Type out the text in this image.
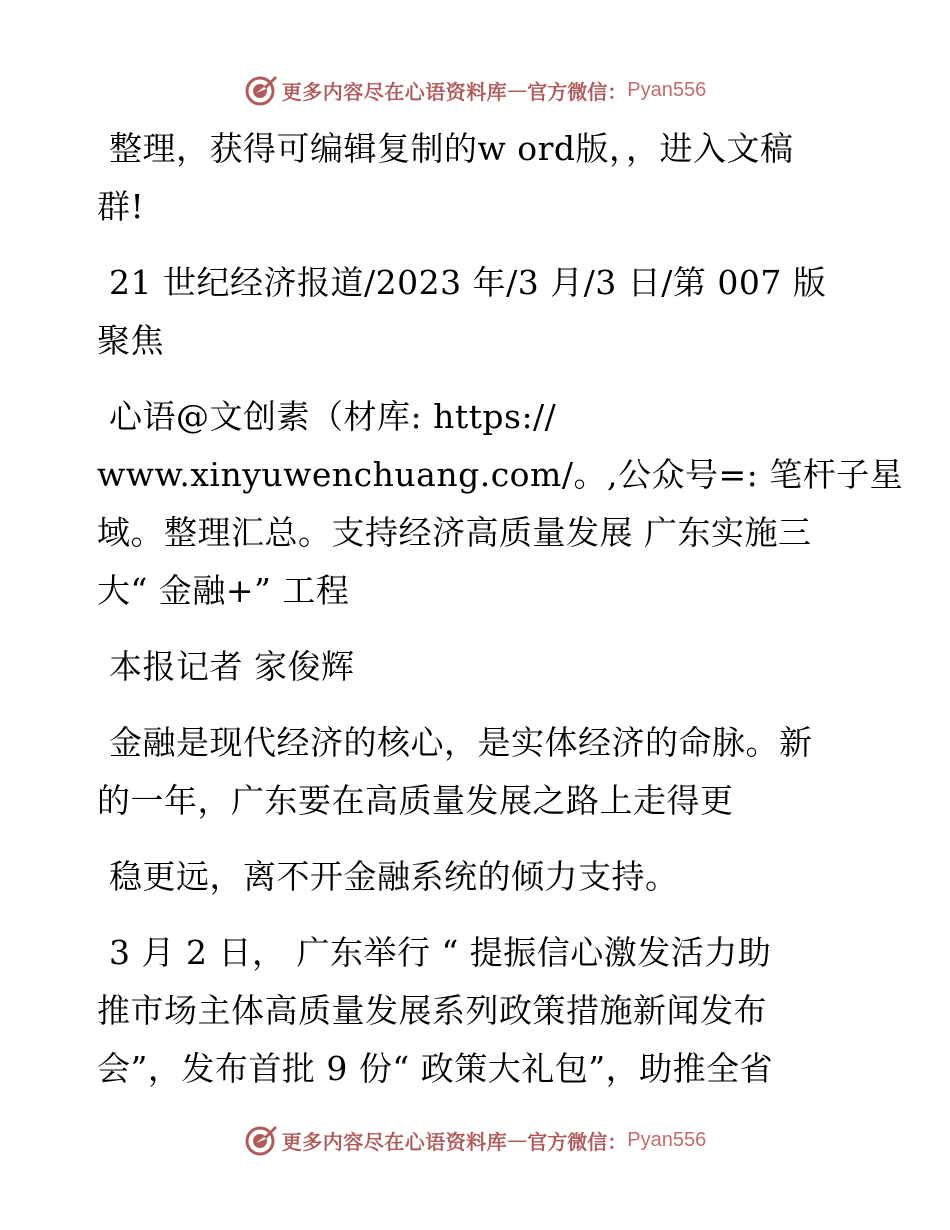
更多内容尽在心语资料库 — 官方微信： Pyan556
整理，获得可编辑复制的w ord版，，进入文稿
群!
21 世纪经济报道/2023 年/3 月/3 日/第 007 版
聚焦
心语@文创素（材库: https://
www.xinyuwenchuang.com/。,公众号=: 笔杆子星
域。整理汇总。支持经济高质量发展 广东实施三
大“ 金融+” 工程
本报记者 家俊辉
金融是现代经济的核心，是实体经济的命脉。新
的一年，广东要在高质量发展之路上走得更
稳更远，离不开金融系统的倾力支持。
3 月 2 日， 广东举行 “ 提振信心激发活力助
推市场主体高质量发展系列政策措施新闻发布
会”，发布首批 9 份“ 政策大礼包”，助推全省
更多内容尽在心语资料库 — 官方微信： Pyan556
